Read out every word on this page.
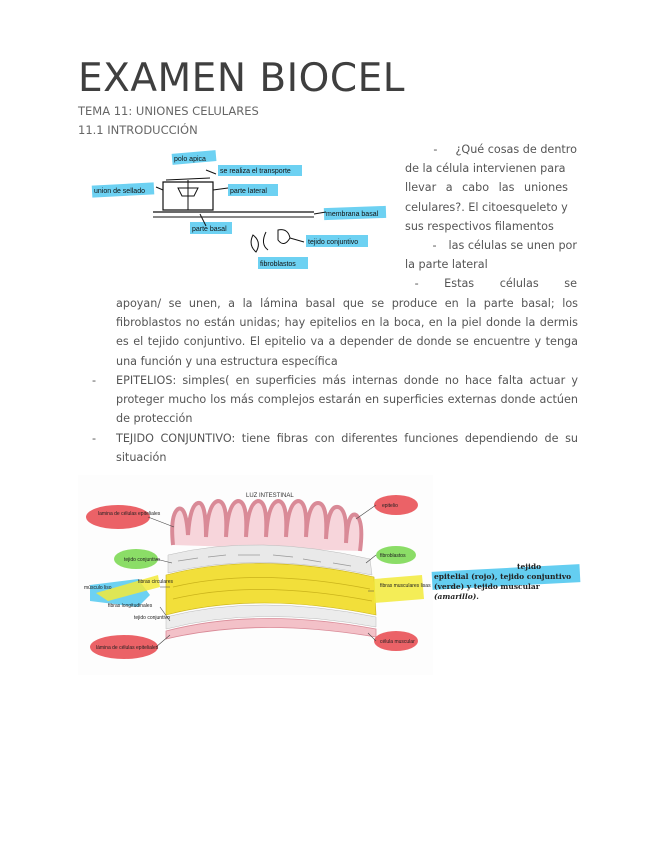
EXAMEN BIOCEL
TEMA 11: UNIONES CELULARES
11.1 INTRODUCCIÓN
polo apica
se realiza el transporte
union de sellado	parte lateral
membrana basal
parte basal
tejido conjuntivo
fibroblastos
- ¿Qué cosas de dentro
de la célula intervienen para
llevar a cabo las uniones
celulares?. El citoesqueleto y
sus respectivos filamentos
- las células se unen por
la parte lateral
- Estas células se
apoyan/ se unen, a la lámina basal que se produce en la parte basal; los fibroblastos no están unidas; hay epitelios en la boca, en la piel donde la dermis es el tejido conjuntivo. El epitelio va a depender de donde se encuentre y tenga una función y una estructura específica
- EPITELIOS: simples( en superficies más internas donde no hace falta actuar y proteger mucho los más complejos estarán en superficies externas donde actúen de protección
- TEJIDO CONJUNTIVO: tiene fibras con diferentes funciones dependiendo de su situación
LUZ INTESTINAL
lamina de células epiteliales
tejido conjuntivo
músculo liso
fibras circulares
fibras longitudinales
tejido conjuntivo
lámina de células epiteliales
epitelio
fibroblastos
fibras musculares lisas
célula muscular
tejido
epitelial (rojo), tejido conjuntivo
(verde) y tejido muscular
(amarillo).
